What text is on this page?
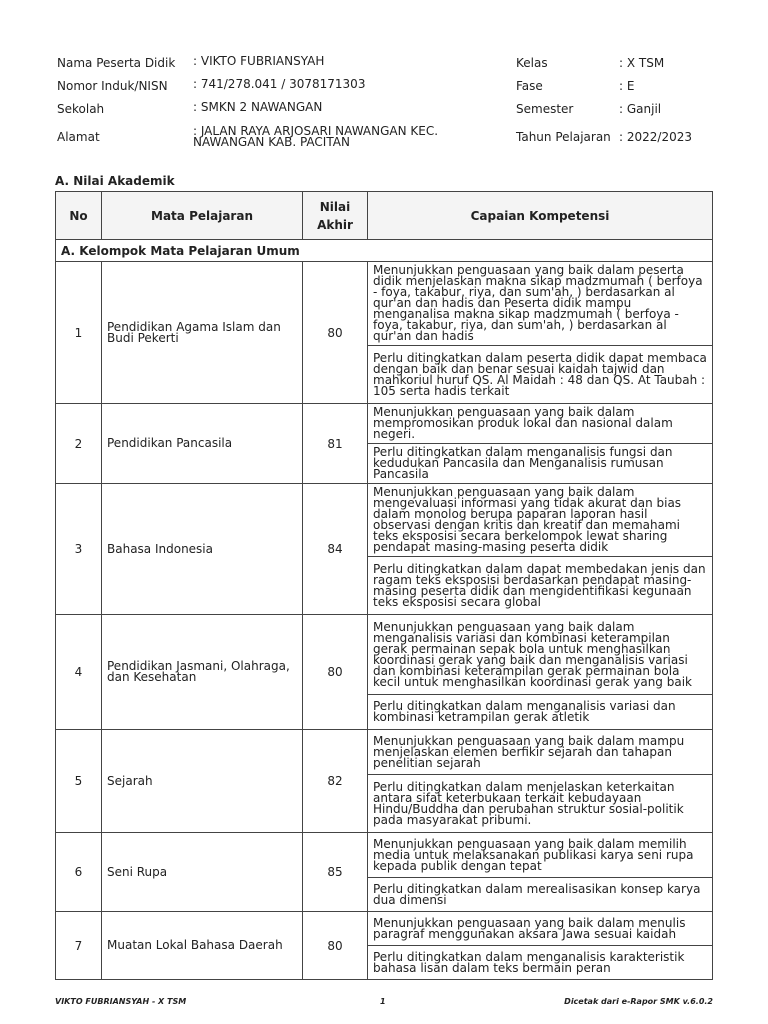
Nama Peserta Didik : VIKTO FUBRIANSYAH	Kelas	: X TSM
Nomor Induk/NISN : 741/278.041 / 3078171303	Fase	: E
Sekolah	: SMKN 2 NAWANGAN	Semester	: Ganjil
Alamat	: JALAN RAYA ARJOSARI NAWANGAN KEC. NAWANGAN KAB. PACITAN	Tahun Pelajaran : 2022/2023
A. Nilai Akademik
No	Mata Pelajaran	Nilai Akhir	Capaian Kompetensi
A. Kelompok Mata Pelajaran Umum			
1	Pendidikan Agama Islam dan Budi Pekerti	80	Menunjukkan penguasaan yang baik dalam peserta didik menjelaskan makna sikap madzmumah ( berfoya - foya, takabur, riya, dan sum'ah, ) berdasarkan al qur'an dan hadis dan Peserta didik mampu menganalisa makna sikap madzmumah ( berfoya - foya, takabur, riya, dan sum'ah, ) berdasarkan al qur'an dan hadis
			Perlu ditingkatkan dalam peserta didik dapat membaca dengan baik dan benar sesuai kaidah tajwid dan mahkoriul huruf QS. Al Maidah : 48 dan QS. At Taubah : 105 serta hadis terkait
2	Pendidikan Pancasila	81	Menunjukkan penguasaan yang baik dalam mempromosikan produk lokal dan nasional dalam negeri.
			Perlu ditingkatkan dalam menganalisis fungsi dan kedudukan Pancasila dan Menganalisis rumusan Pancasila
3	Bahasa Indonesia	84	Menunjukkan penguasaan yang baik dalam mengevaluasi informasi yang tidak akurat dan bias dalam monolog berupa paparan laporan hasil observasi dengan kritis dan kreatif dan memahami teks eksposisi secara berkelompok lewat sharing pendapat masing-masing peserta didik
			Perlu ditingkatkan dalam dapat membedakan jenis dan ragam teks eksposisi berdasarkan pendapat masing-masing peserta didik dan mengidentifikasi kegunaan teks eksposisi secara global
4	Pendidikan Jasmani, Olahraga, dan Kesehatan	80	Menunjukkan penguasaan yang baik dalam menganalisis variasi dan kombinasi keterampilan gerak permainan sepak bola untuk menghasilkan koordinasi gerak yang baik dan menganalisis variasi dan kombinasi keterampilan gerak permainan bola kecil untuk menghasilkan koordinasi gerak yang baik
			Perlu ditingkatkan dalam menganalisis variasi dan kombinasi ketrampilan gerak atletik
5	Sejarah	82	Menunjukkan penguasaan yang baik dalam mampu menjelaskan elemen berfikir sejarah dan tahapan penelitian sejarah
			Perlu ditingkatkan dalam menjelaskan keterkaitan antara sifat keterbukaan terkait kebudayaan Hindu/Buddha dan perubahan struktur sosial-politik pada masyarakat pribumi.
6	Seni Rupa	85	Menunjukkan penguasaan yang baik dalam memilih media untuk melaksanakan publikasi karya seni rupa kepada publik dengan tepat
			Perlu ditingkatkan dalam merealisasikan konsep karya dua dimensi
7	Muatan Lokal Bahasa Daerah	80	Menunjukkan penguasaan yang baik dalam menulis paragraf menggunakan aksara Jawa sesuai kaidah
			Perlu ditingkatkan dalam menganalisis karakteristik bahasa lisan dalam teks bermain peran
VIKTO FUBRIANSYAH - X TSM	1	Dicetak dari e-Rapor SMK v.6.0.2
